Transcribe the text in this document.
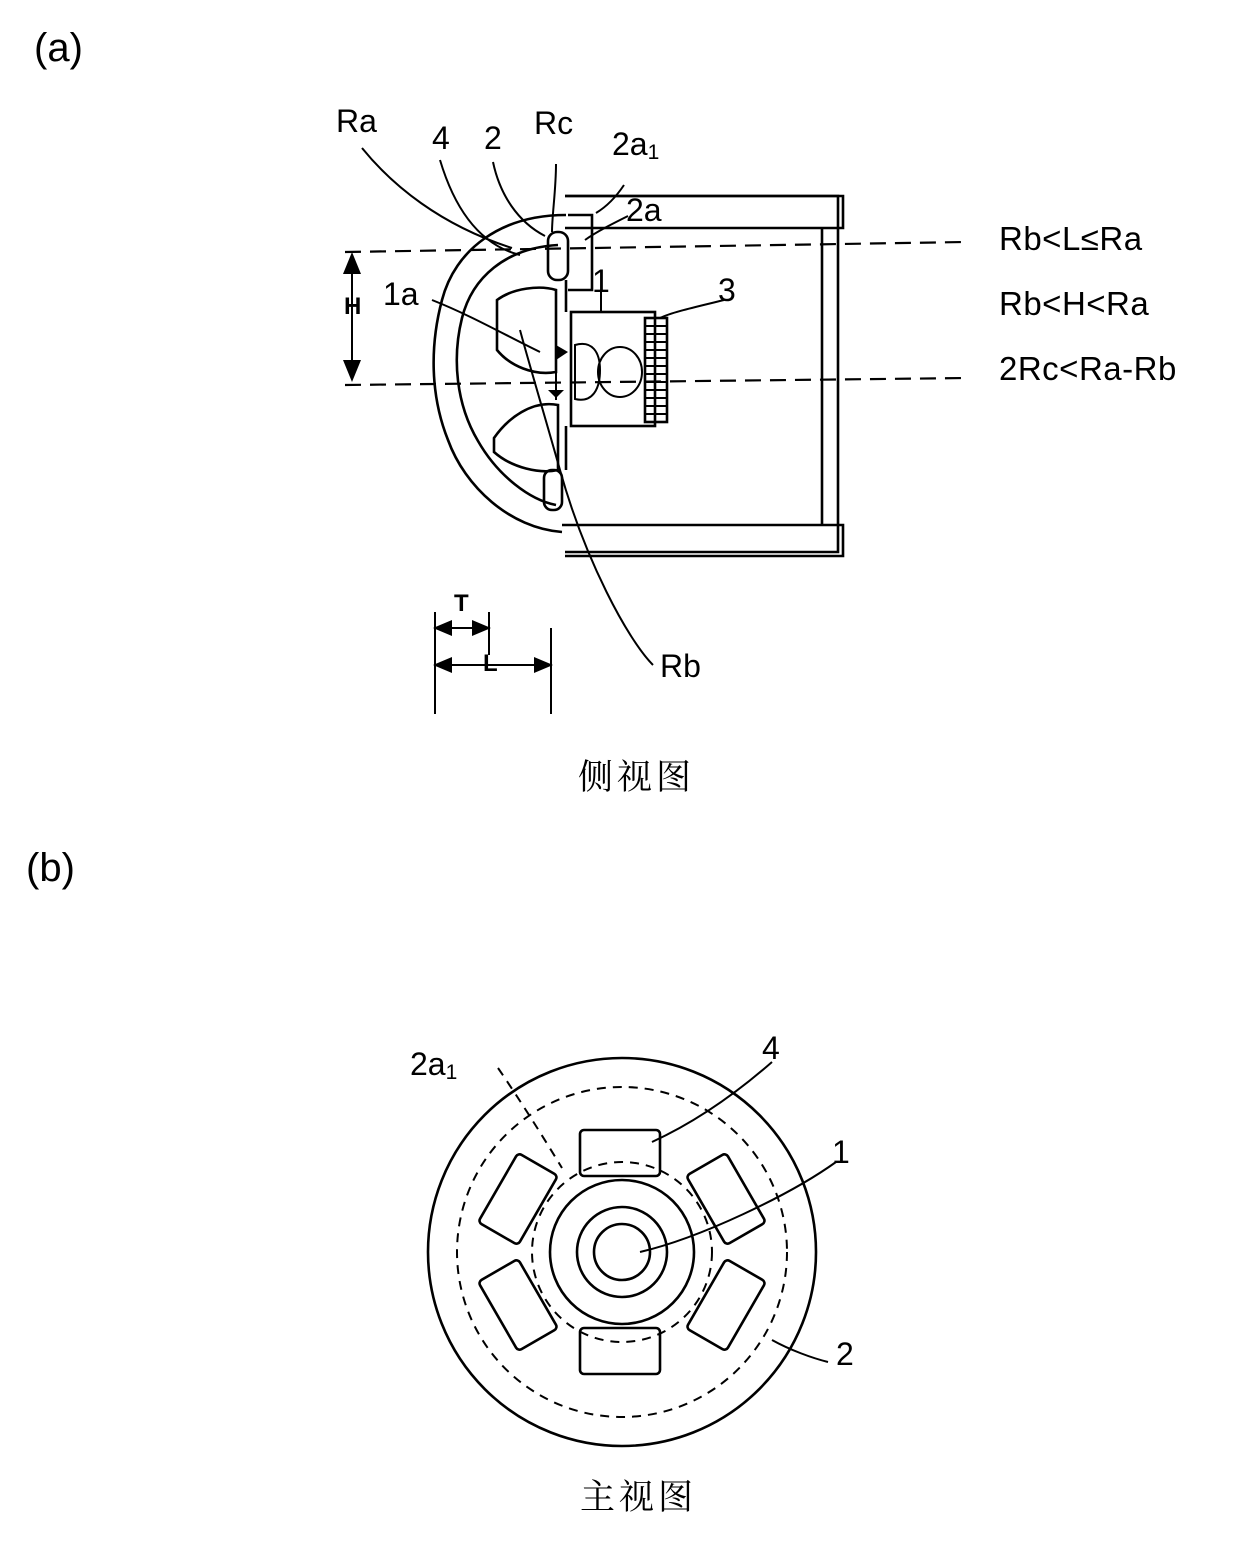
(a)
Ra 4 2 Rc
2a1
2a
1a	1	3
Rb
H
T
L
Rb<L≤Ra
Rb<H<Ra
2Rc<Ra-Rb
侧视图
(b)
2a1
4
1
2
主视图
